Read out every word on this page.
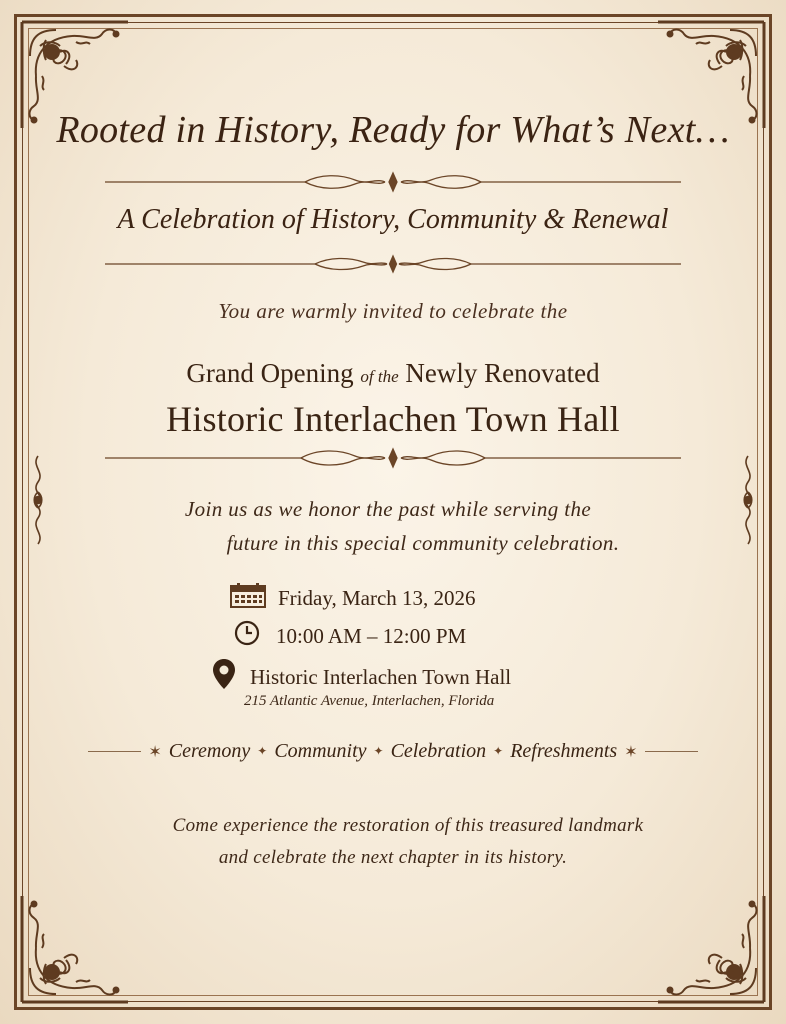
Rooted in History, Ready for What’s Next…
A Celebration of History, Community & Renewal
You are warmly invited to celebrate the
Grand Opening of the Newly Renovated
Historic Interlachen Town Hall
Join us as we honor the past while serving the
future in this special community celebration.
Friday, March 13, 2026
10:00 AM – 12:00 PM
Historic Interlachen Town Hall
215 Atlantic Avenue, Interlachen, Florida
✶ Ceremony ✦ Community ✦ Celebration ✦ Refreshments ✶
Come experience the restoration of this treasured landmark
and celebrate the next chapter in its history.
